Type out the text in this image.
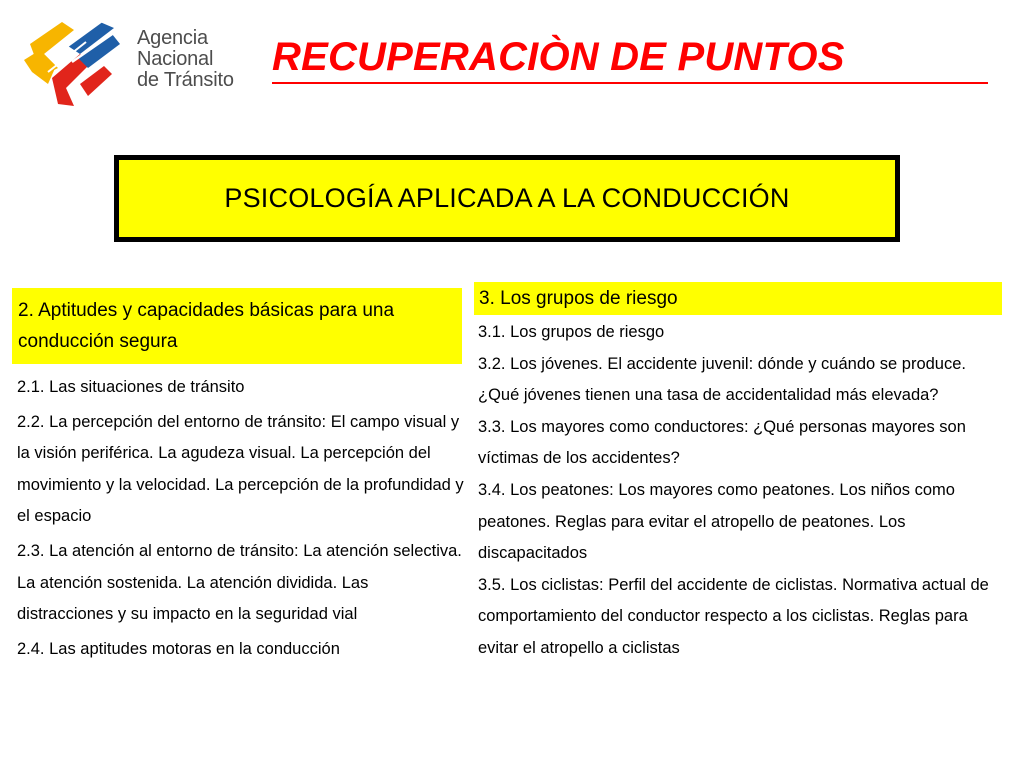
Agencia
Nacional
de Tránsito
RECUPERACIÒN DE PUNTOS
PSICOLOGÍA APLICADA A LA CONDUCCIÓN
2. Aptitudes y capacidades básicas para una conducción segura

2.1. Las situaciones de tránsito

2.2. La percepción del entorno de tránsito: El campo visual y la visión periférica. La agudeza visual. La percepción del movimiento y la velocidad. La percepción de la profundidad y el espacio

2.3. La atención al entorno de tránsito: La atención selectiva. La atención sostenida. La atención dividida. Las distracciones y su impacto en la seguridad vial

2.4. Las aptitudes motoras en la conducción

3. Los grupos de riesgo

3.1. Los grupos de riesgo

3.2. Los jóvenes. El accidente juvenil: dónde y cuándo se produce. ¿Qué jóvenes tienen una tasa de accidentalidad más elevada?

3.3. Los mayores como conductores: ¿Qué personas mayores son víctimas de los accidentes?

3.4. Los peatones: Los mayores como peatones. Los niños como peatones. Reglas para evitar el atropello de peatones. Los discapacitados

3.5. Los ciclistas: Perfil del accidente de ciclistas. Normativa actual de comportamiento del conductor respecto a los ciclistas. Reglas para evitar el atropello a ciclistas
